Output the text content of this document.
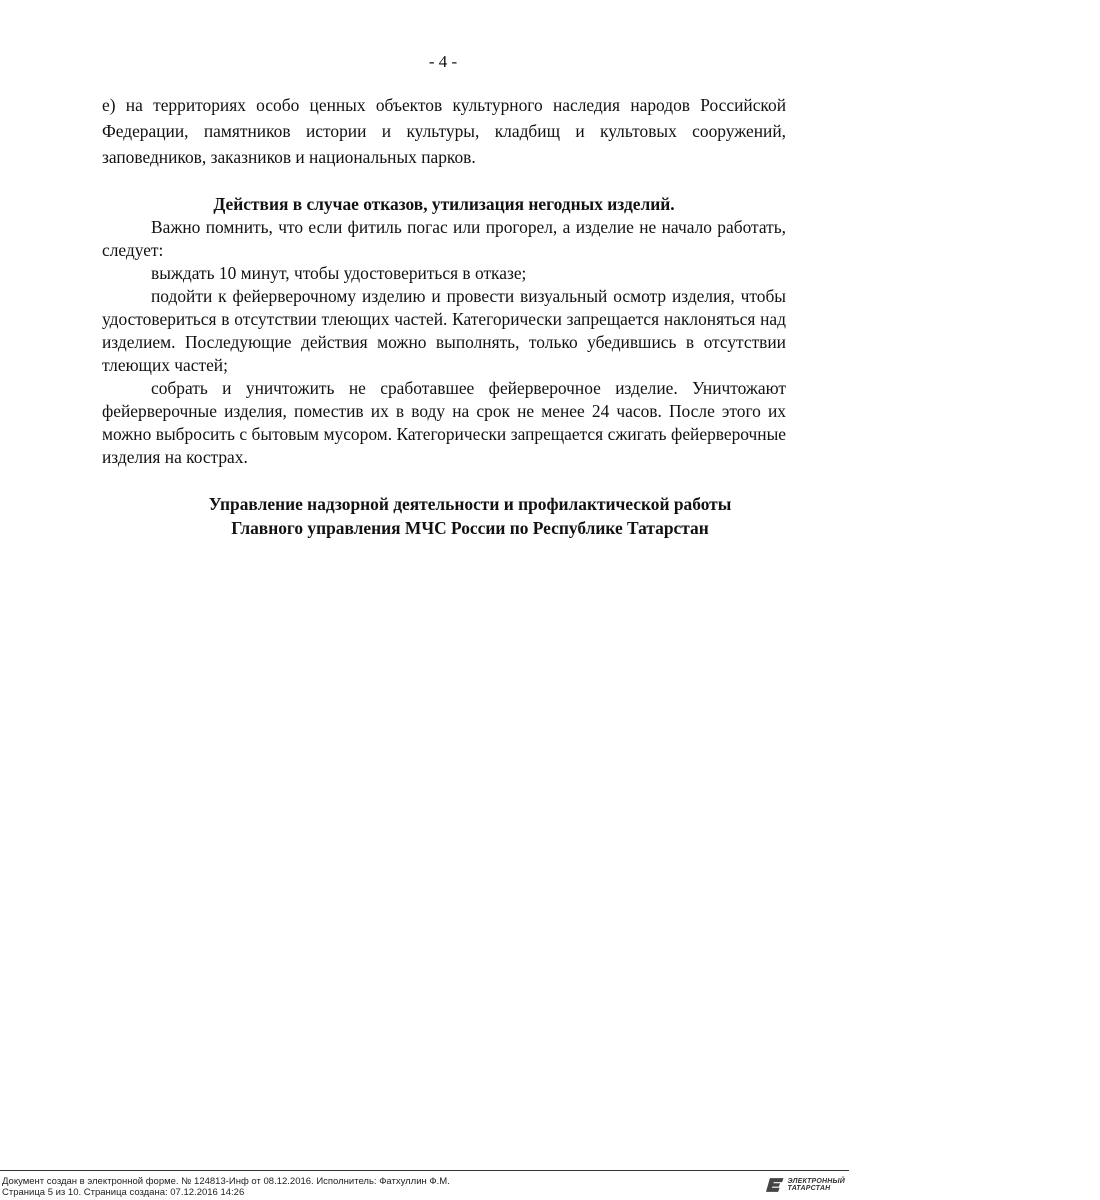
- 4 -

е) на территориях особо ценных объектов культурного наследия народов Российской Федерации, памятников истории и культуры, кладбищ и культовых сооружений, заповедников, заказников и национальных парков.

Действия в случае отказов, утилизация негодных изделий.

Важно помнить, что если фитиль погас или прогорел, а изделие не начало работать, следует:

выждать 10 минут, чтобы удостовериться в отказе;

подойти к фейерверочному изделию и провести визуальный осмотр изделия, чтобы удостовериться в отсутствии тлеющих частей. Категорически запрещается наклоняться над изделием. Последующие действия можно выполнять, только убедившись в отсутствии тлеющих частей;

собрать и уничтожить не сработавшее фейерверочное изделие. Уничтожают фейерверочные изделия, поместив их в воду на срок не менее 24 часов. После этого их можно выбросить с бытовым мусором. Категорически запрещается сжигать фейерверочные изделия на кострах.

Управление надзорной деятельности и профилактической работы

Главного управления МЧС России по Республике Татарстан

Документ создан в электронной форме. № 124813-Инф от 08.12.2016. Исполнитель: Фатхуллин Ф.М.
Страница 5 из 10. Страница создана: 07.12.2016 14:26
ЭЛЕКТРОННЫЙ
ТАТАРСТАН
